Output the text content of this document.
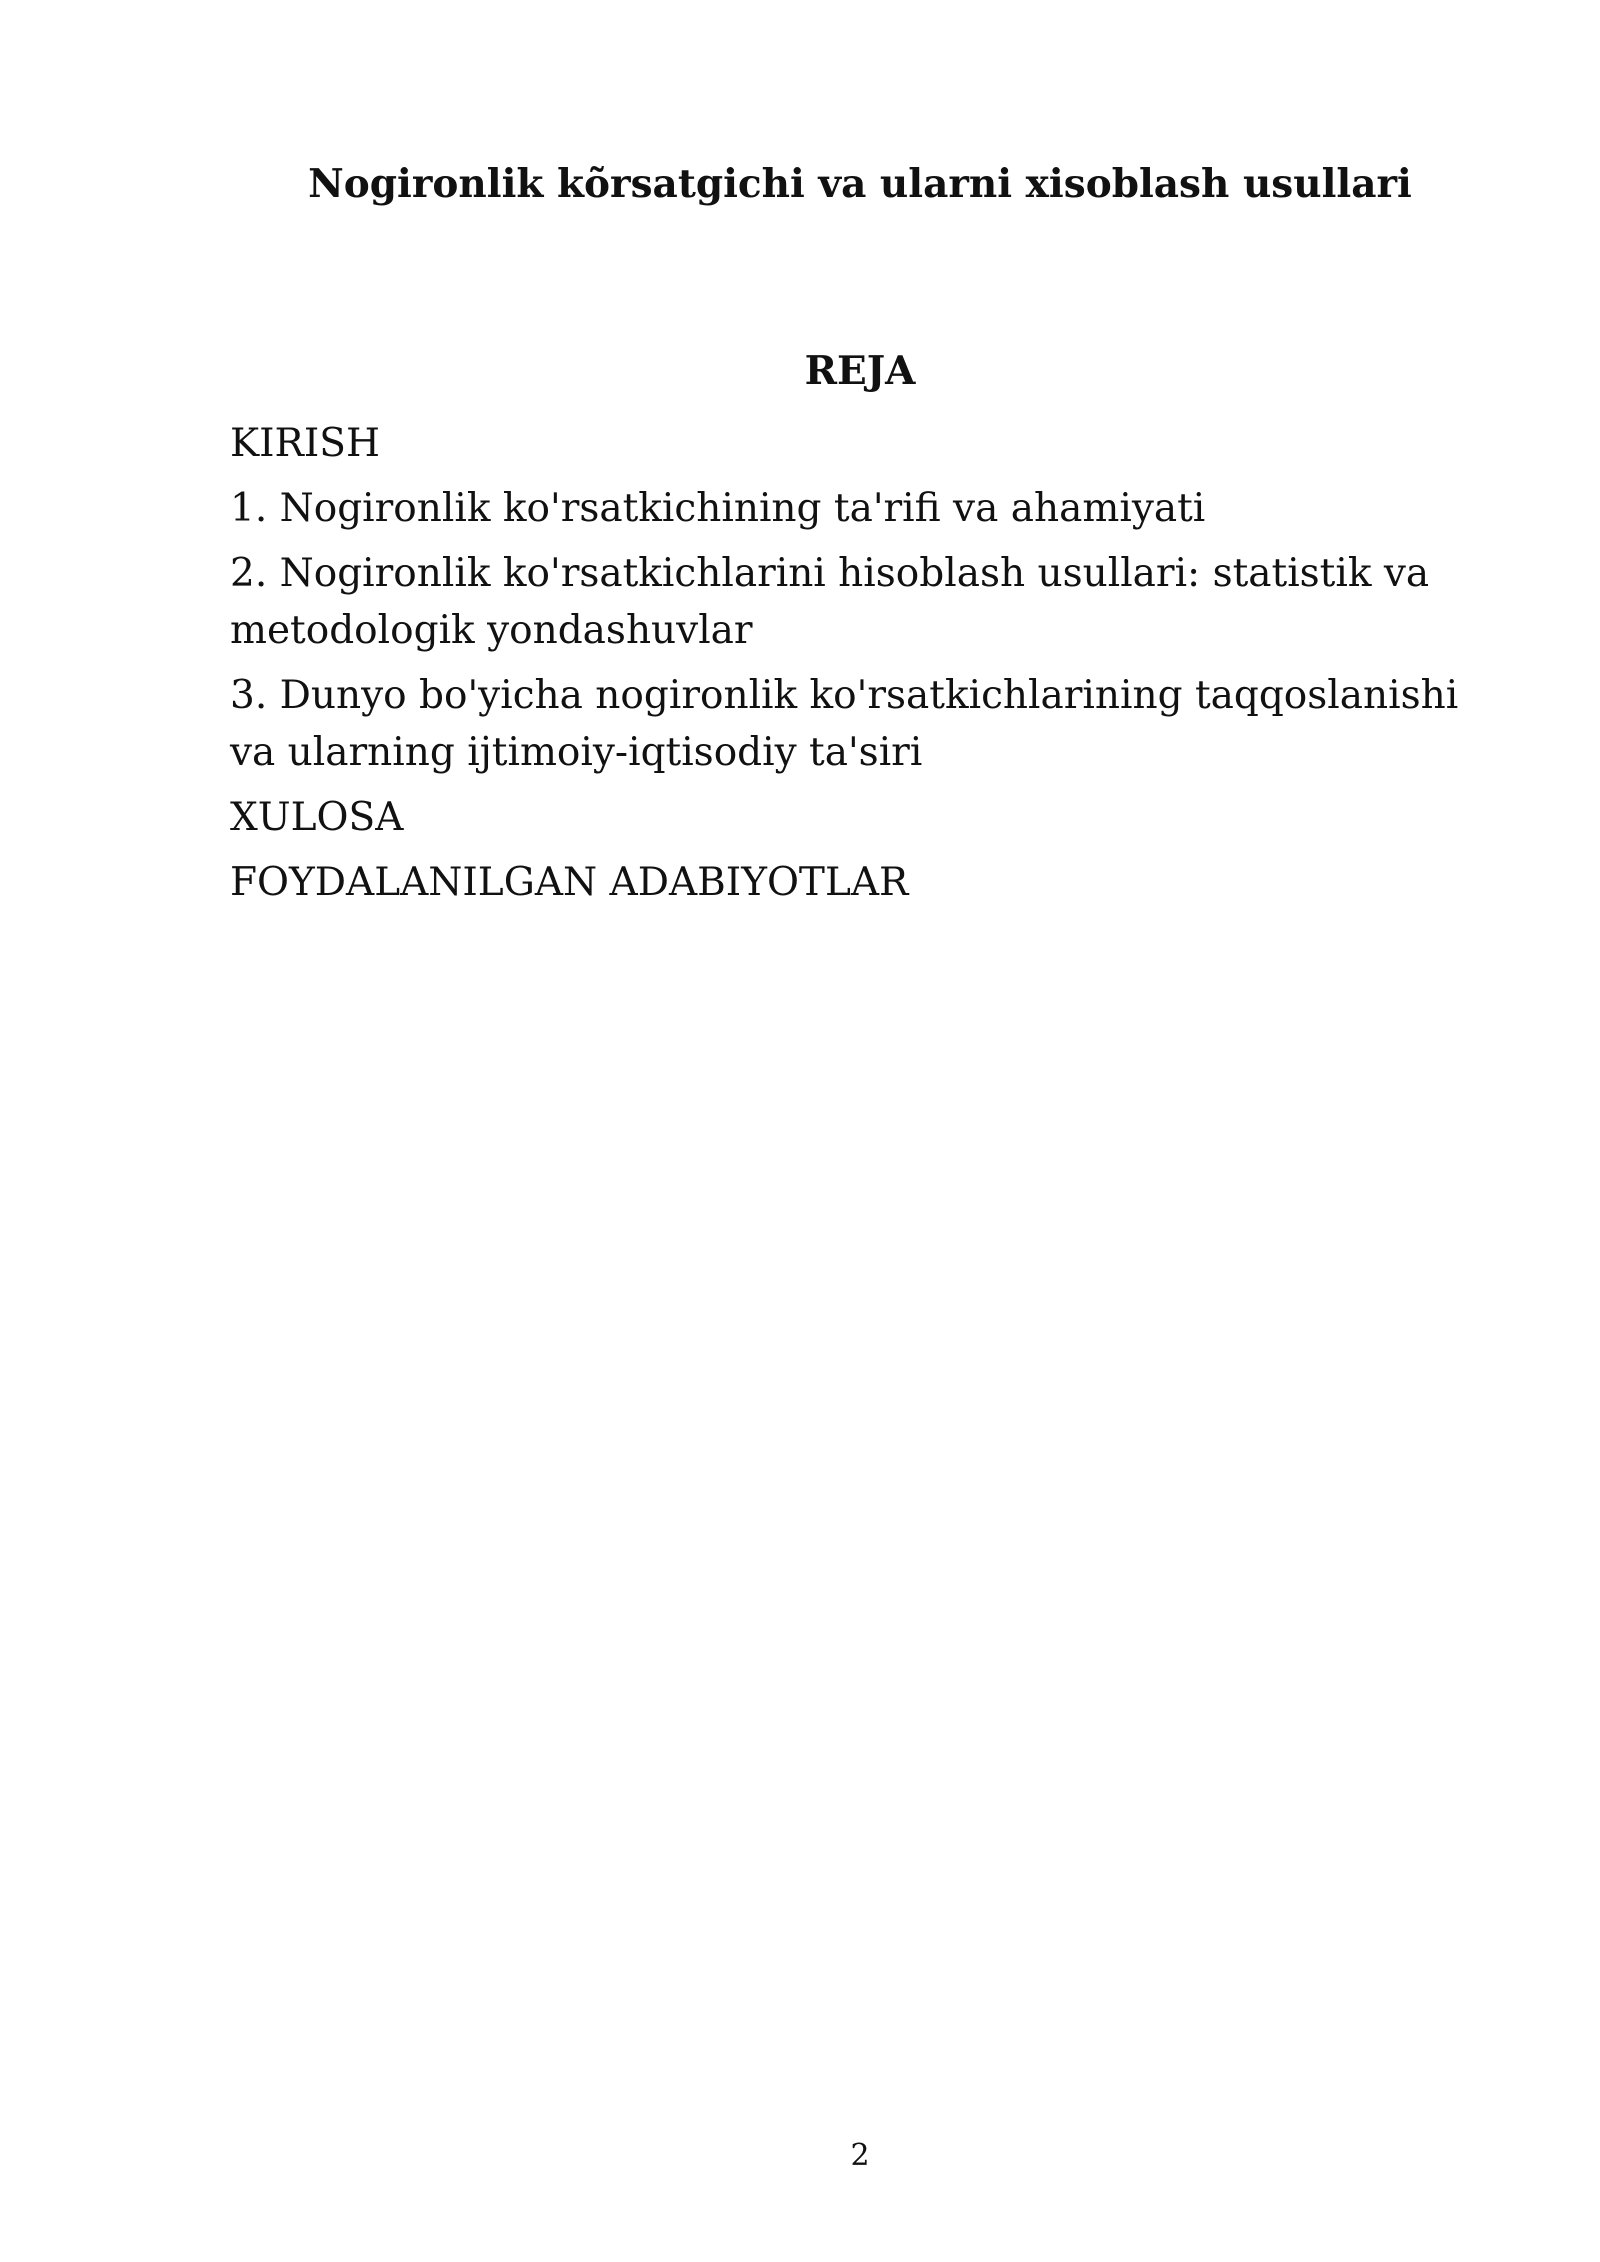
Nogironlik kõrsatgichi va ularni xisoblash usullari
REJA
KIRISH
1. Nogironlik ko'rsatkichining ta'rifi va ahamiyati
2. Nogironlik ko'rsatkichlarini hisoblash usullari: statistik va metodologik yondashuvlar
3. Dunyo bo'yicha nogironlik ko'rsatkichlarining taqqoslanishi va ularning ijtimoiy-iqtisodiy ta'siri
XULOSA
FOYDALANILGAN ADABIYOTLAR
2
